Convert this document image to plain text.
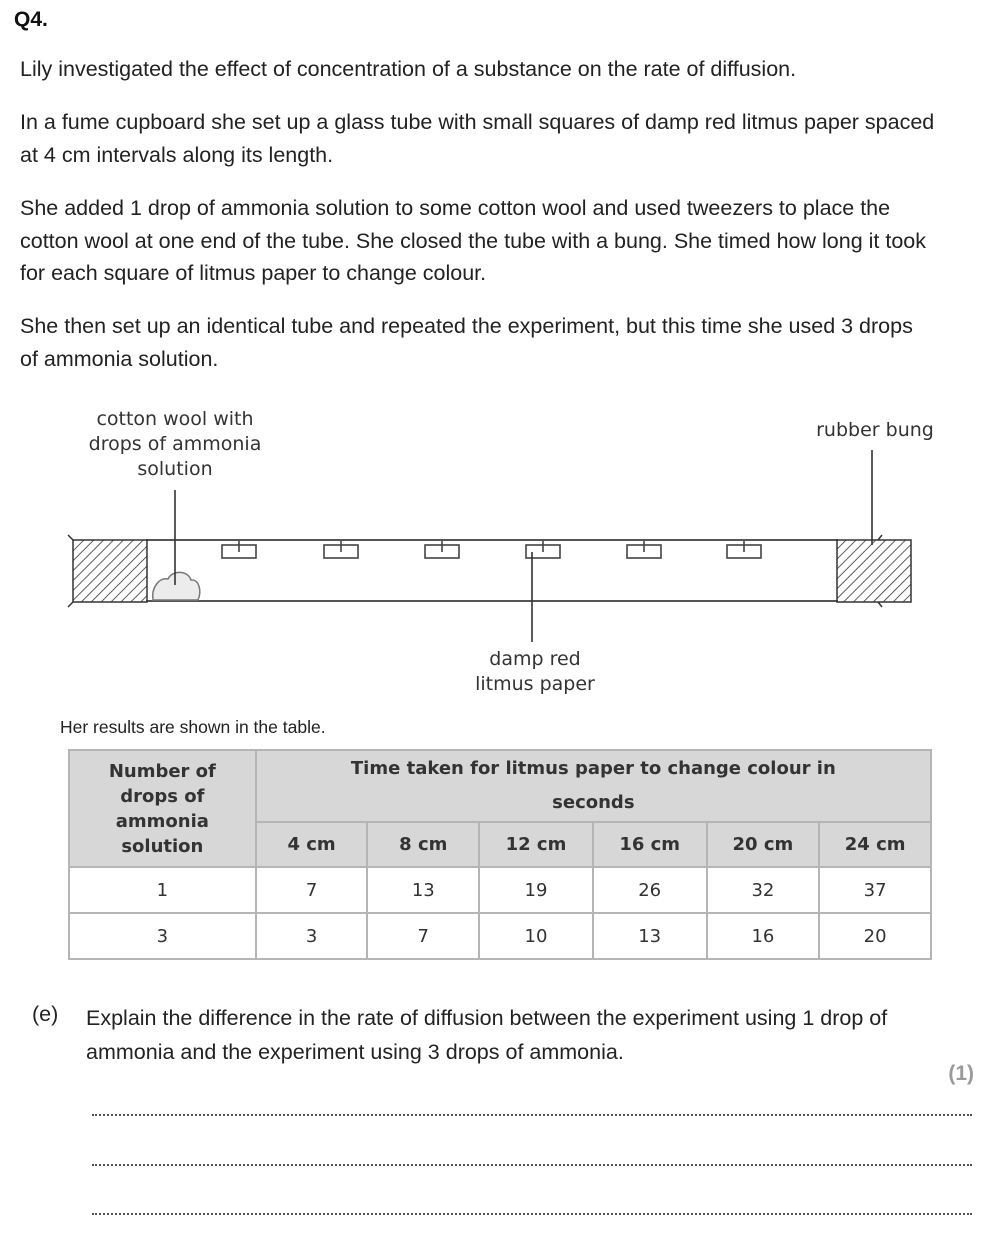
Q4.

Lily investigated the effect of concentration of a substance on the rate of diffusion.

In a fume cupboard she set up a glass tube with small squares of damp red litmus paper spaced at 4 cm intervals along its length.

She added 1 drop of ammonia solution to some cotton wool and used tweezers to place the cotton wool at one end of the tube. She closed the tube with a bung. She timed how long it took for each square of litmus paper to change colour.

She then set up an identical tube and repeated the experiment, but this time she used 3 drops of ammonia solution.

cotton wool with
drops of ammonia
solution
rubber bung
damp red
litmus paper
Her results are shown in the table.
Number of drops of ammonia solution	Time taken for litmus paper to change colour in seconds					
	4 cm	8 cm	12 cm	16 cm	20 cm	24 cm
1	7	13	19	26	32	37
3	3	7	10	13	16	20
(e) Explain the difference in the rate of diffusion between the experiment using 1 drop of ammonia and the experiment using 3 drops of ammonia.

(1)
